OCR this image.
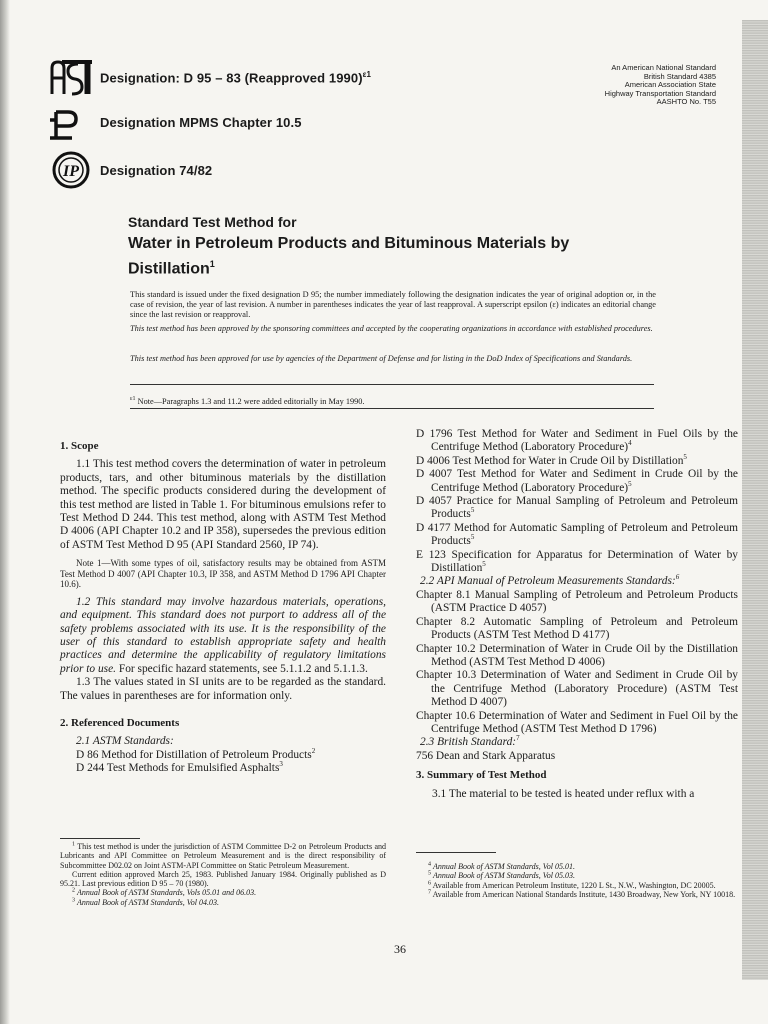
Designation: D 95 – 83 (Reapproved 1990)$^{\varepsilon 1}$
Designation MPMS Chapter 10.5
IP Designation 74/82
An American National Standard
British Standard 4385
American Association State
Highway Transportation Standard
AASHTO No. T55
Standard Test Method for
Water in Petroleum Products and Bituminous Materials by
Distillation$^1$
This standard is issued under the fixed designation D 95; the number immediately following the designation indicates the year of original adoption or, in the case of revision, the year of last revision. A number in parentheses indicates the year of last reapproval. A superscript epsilon (ε) indicates an editorial change since the last revision or reapproval.
This test method has been approved by the sponsoring committees and accepted by the cooperating organizations in accordance with established procedures.
This test method has been approved for use by agencies of the Department of Defense and for listing in the DoD Index of Specifications and Standards.
$^{\varepsilon 1}$ Note—Paragraphs 1.3 and 11.2 were added editorially in May 1990.

1. Scope

1.1 This test method covers the determination of water in petroleum products, tars, and other bituminous materials by the distillation method. The specific products considered during the development of this test method are listed in Table 1. For bituminous emulsions refer to Test Method D 244. This test method, along with ASTM Test Method D 4006 (API Chapter 10.2 and IP 358), supersedes the previous edition of ASTM Test Method D 95 (API Standard 2560, IP 74).

Note 1—With some types of oil, satisfactory results may be obtained from ASTM Test Method D 4007 (API Chapter 10.3, IP 358, and ASTM Method D 1796 API Chapter 10.6).

1.2 This standard may involve hazardous materials, operations, and equipment. This standard does not purport to address all of the safety problems associated with its use. It is the responsibility of the user of this standard to establish appropriate safety and health practices and determine the applicability of regulatory limitations prior to use. For specific hazard statements, see 5.1.1.2 and 5.1.1.3.

1.3 The values stated in SI units are to be regarded as the standard. The values in parentheses are for information only.

2. Referenced Documents

2.1 ASTM Standards:

D 86 Method for Distillation of Petroleum Products$^2$

D 244 Test Methods for Emulsified Asphalts$^3$

D 1796 Test Method for Water and Sediment in Fuel Oils by the Centrifuge Method (Laboratory Procedure)$^4$

D 4006 Test Method for Water in Crude Oil by Distillation$^5$

D 4007 Test Method for Water and Sediment in Crude Oil by the Centrifuge Method (Laboratory Procedure)$^5$

D 4057 Practice for Manual Sampling of Petroleum and Petroleum Products$^5$

D 4177 Method for Automatic Sampling of Petroleum and Petroleum Products$^5$

E 123 Specification for Apparatus for Determination of Water by Distillation$^5$

2.2 API Manual of Petroleum Measurements Standards:$^6$

Chapter 8.1 Manual Sampling of Petroleum and Petroleum Products (ASTM Practice D 4057)

Chapter 8.2 Automatic Sampling of Petroleum and Petroleum Products (ASTM Test Method D 4177)

Chapter 10.2 Determination of Water in Crude Oil by the Distillation Method (ASTM Test Method D 4006)

Chapter 10.3 Determination of Water and Sediment in Crude Oil by the Centrifuge Method (Laboratory Procedure) (ASTM Test Method D 4007)

Chapter 10.6 Determination of Water and Sediment in Fuel Oil by the Centrifuge Method (ASTM Test Method D 1796)

2.3 British Standard:$^7$

756 Dean and Stark Apparatus

3. Summary of Test Method

3.1 The material to be tested is heated under reflux with a

$^1$ This test method is under the jurisdiction of ASTM Committee D-2 on Petroleum Products and Lubricants and API Committee on Petroleum Measurement and is the direct responsibility of Subcommittee D02.02 on Joint ASTM-API Committee on Static Petroleum Measurement.

Current edition approved March 25, 1983. Published January 1984. Originally published as D 95.21. Last previous edition D 95 – 70 (1980).

$^2$ Annual Book of ASTM Standards, Vols 05.01 and 06.03.

$^3$ Annual Book of ASTM Standards, Vol 04.03.

$^4$ Annual Book of ASTM Standards, Vol 05.01.

$^5$ Annual Book of ASTM Standards, Vol 05.03.

$^6$ Available from American Petroleum Institute, 1220 L St., N.W., Washington, DC 20005.

$^7$ Available from American National Standards Institute, 1430 Broadway, New York, NY 10018.

36
